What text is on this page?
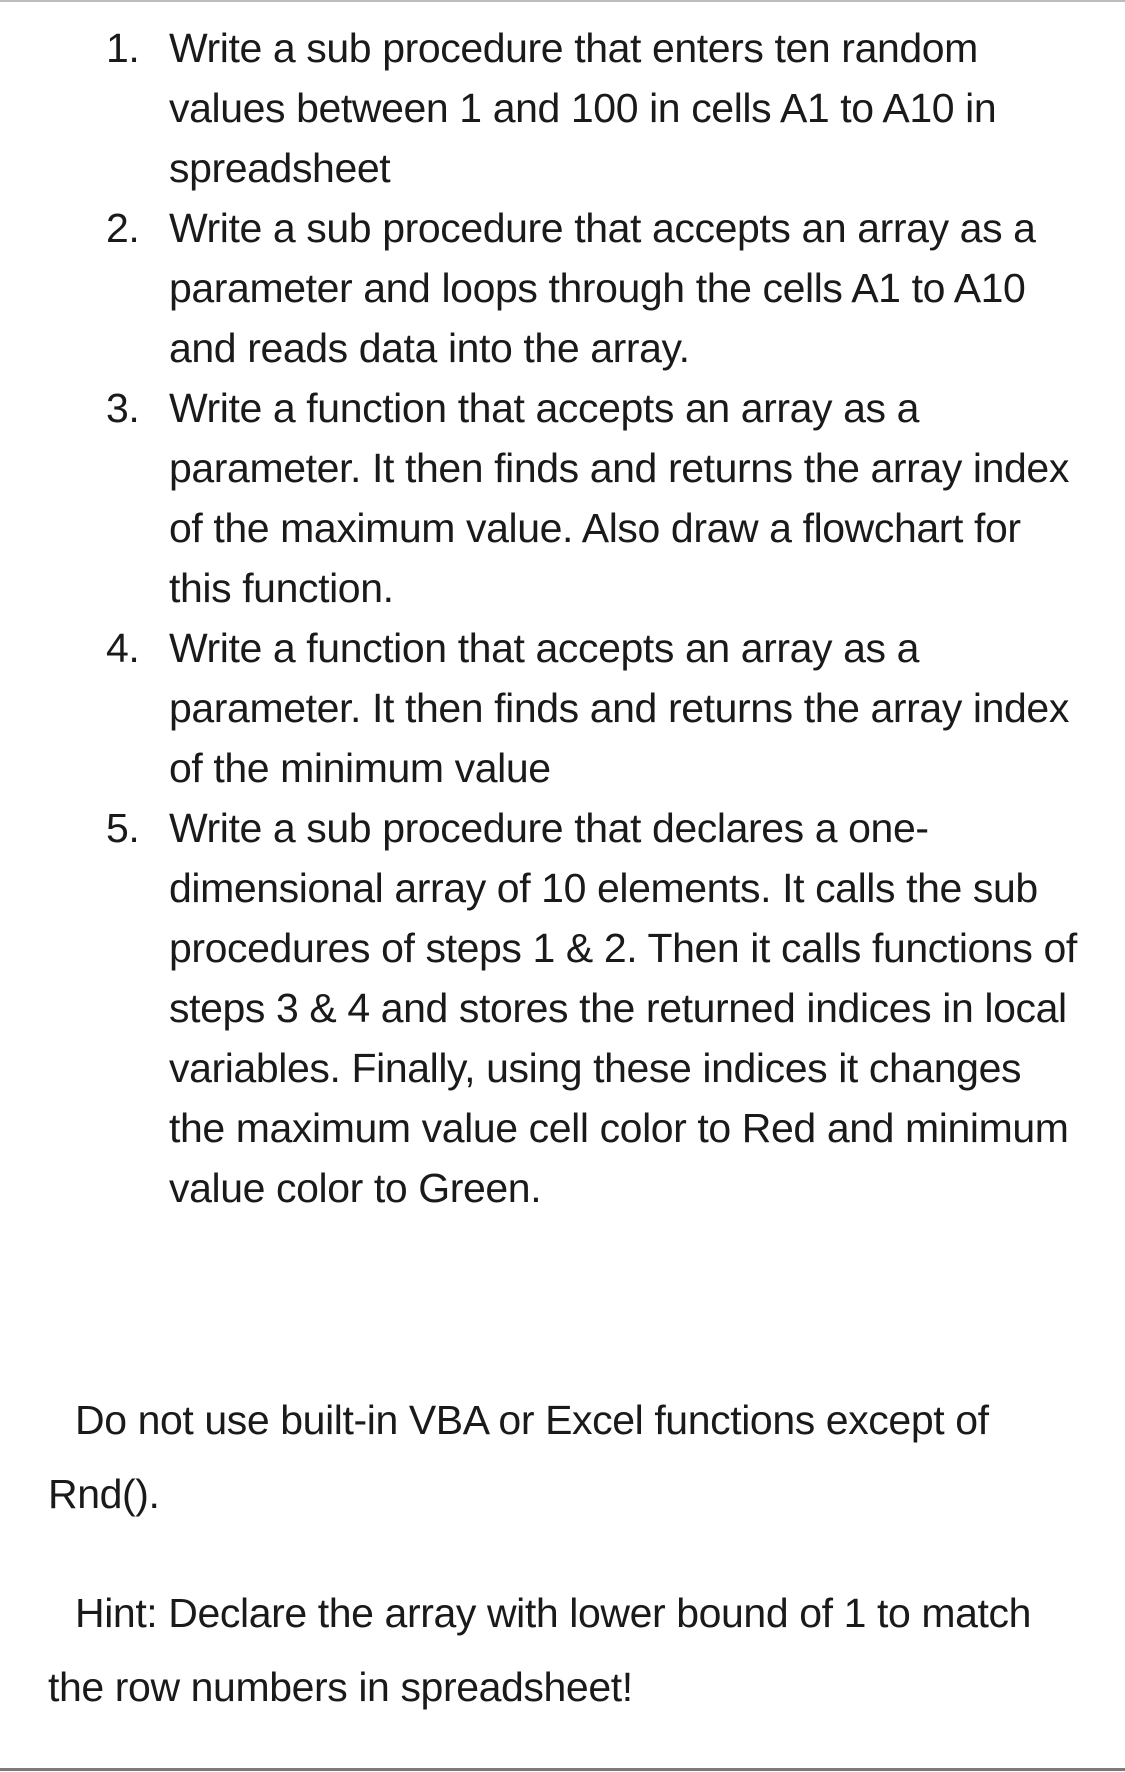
1. Write a sub procedure that enters ten random values between 1 and 100 in cells A1 to A10 in spreadsheet
2. Write a sub procedure that accepts an array as a parameter and loops through the cells A1 to A10 and reads data into the array.
3. Write a function that accepts an array as a parameter. It then finds and returns the array index of the maximum value. Also draw a flowchart for this function.
4. Write a function that accepts an array as a parameter. It then finds and returns the array index of the minimum value
5. Write a sub procedure that declares a one-dimensional array of 10 elements. It calls the sub procedures of steps 1 & 2. Then it calls functions of steps 3 & 4 and stores the returned indices in local variables. Finally, using these indices it changes the maximum value cell color to Red and minimum value color to Green.

Do not use built-in VBA or Excel functions except of Rnd().

Hint: Declare the array with lower bound of 1 to match the row numbers in spreadsheet!
